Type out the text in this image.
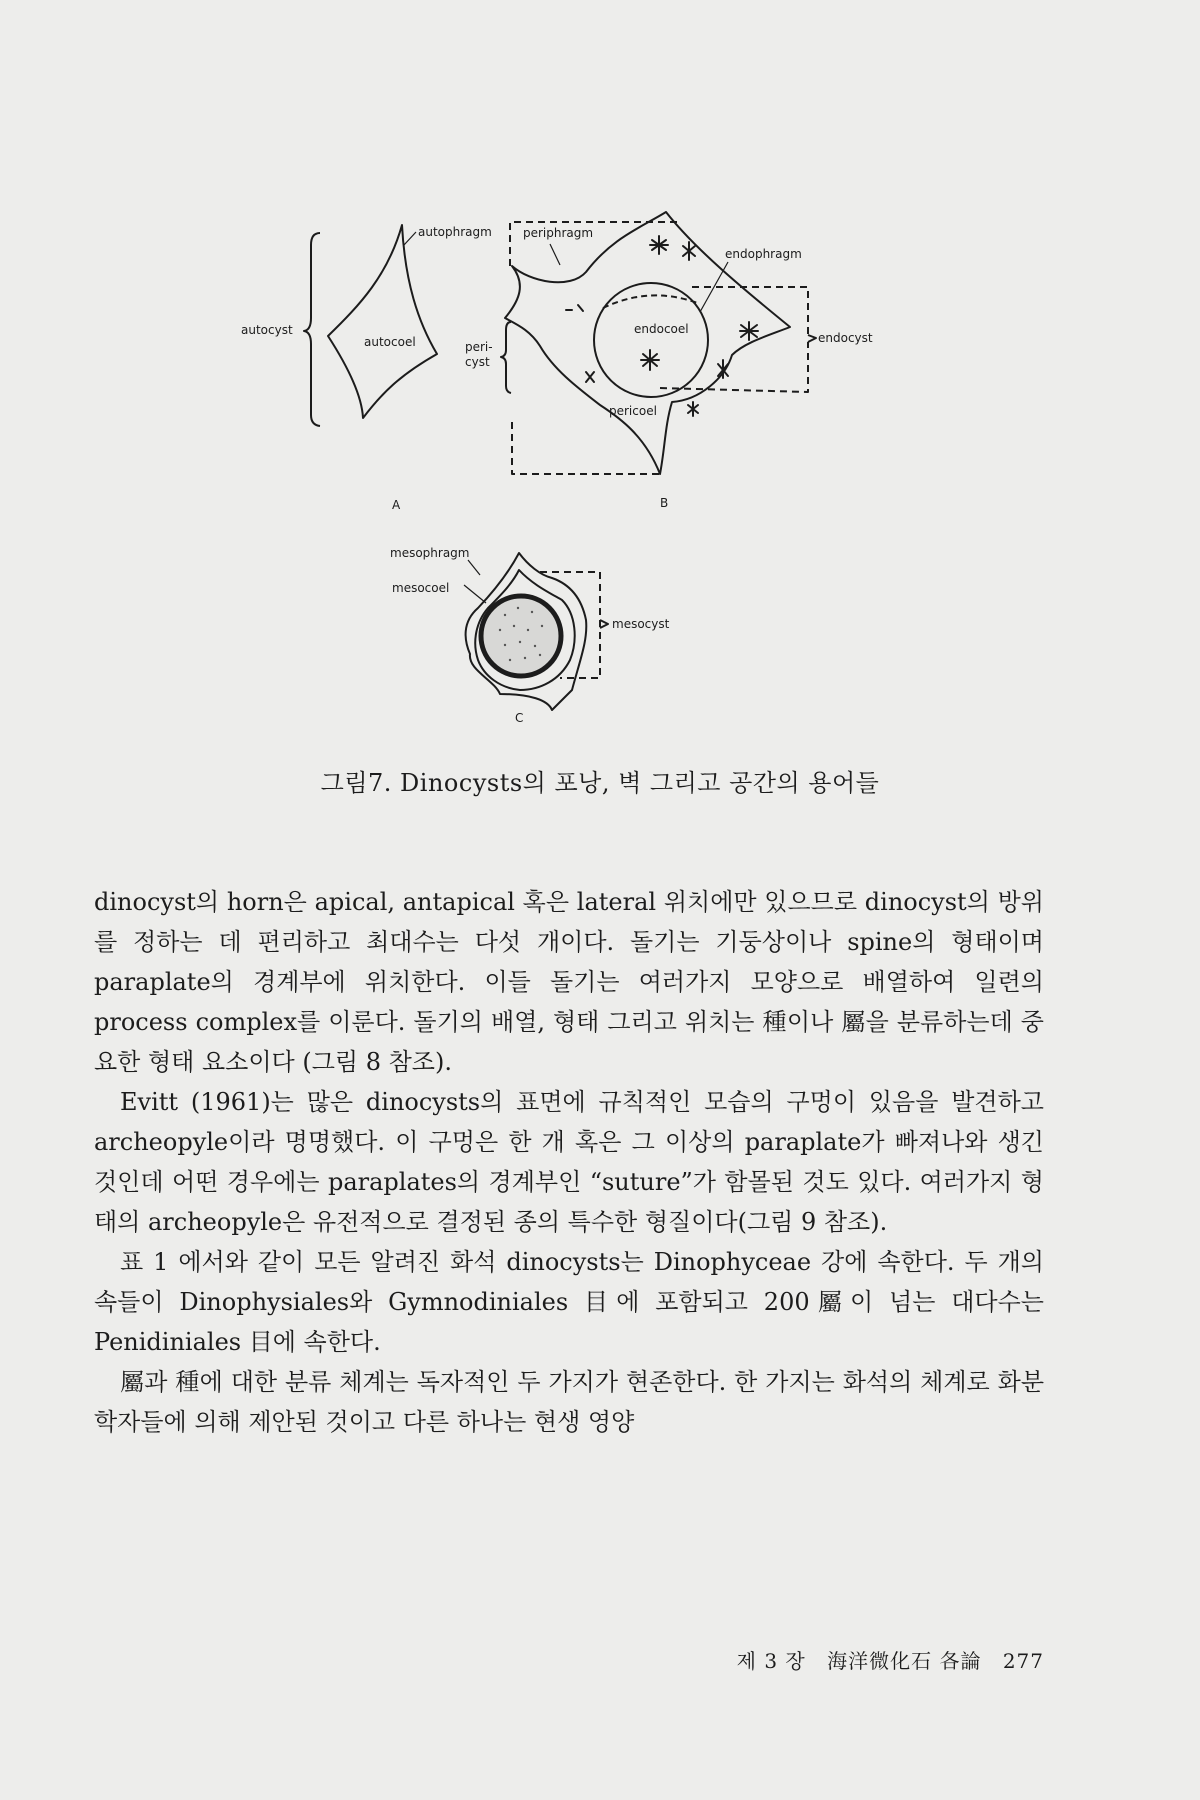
autocyst
autophragm
autocoel
A
periphragm
endophragm
peri-
cyst
endocoel
endocyst
pericoel
B
mesophragm
mesocoel
mesocyst
C
그림7. Dinocysts의 포낭, 벽 그리고 공간의 용어들

dinocyst의 horn은 apical, antapical 혹은 lateral 위치에만 있으므로 dinocyst의 방위를 정하는 데 편리하고 최대수는 다섯 개이다. 돌기는 기둥상이나 spine의 형태이며 paraplate의 경계부에 위치한다. 이들 돌기는 여러가지 모양으로 배열하여 일련의 process complex를 이룬다. 돌기의 배열, 형태 그리고 위치는 種이나 屬을 분류하는데 중요한 형태 요소이다 (그림 8 참조).

Evitt (1961)는 많은 dinocysts의 표면에 규칙적인 모습의 구멍이 있음을 발견하고 archeopyle이라 명명했다. 이 구멍은 한 개 혹은 그 이상의 paraplate가 빠져나와 생긴 것인데 어떤 경우에는 paraplates의 경계부인 “suture”가 함몰된 것도 있다. 여러가지 형태의 archeopyle은 유전적으로 결정된 종의 특수한 형질이다(그림 9 참조).

표 1 에서와 같이 모든 알려진 화석 dinocysts는 Dinophyceae 강에 속한다. 두 개의 속들이 Dinophysiales와 Gymnodiniales 目에 포함되고 200屬이 넘는 대다수는 Penidiniales 目에 속한다.

屬과 種에 대한 분류 체계는 독자적인 두 가지가 현존한다. 한 가지는 화석의 체계로 화분학자들에 의해 제안된 것이고 다른 하나는 현생 영양

제 3 장 海洋微化石 各論 277
